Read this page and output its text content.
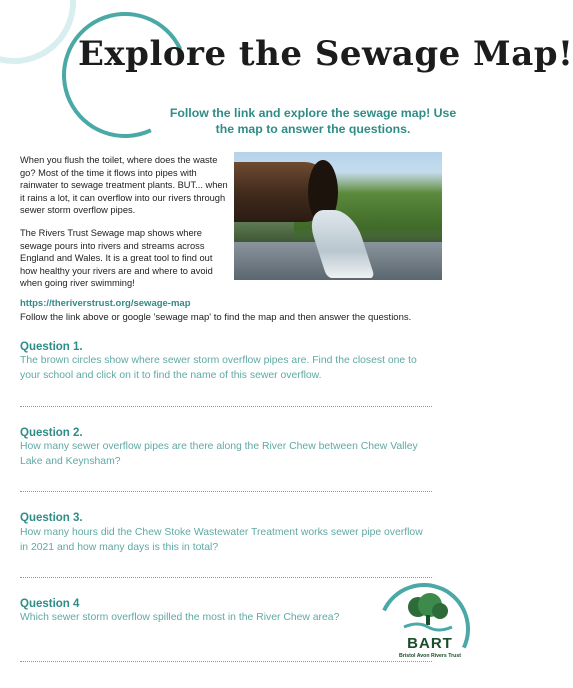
Explore the Sewage Map!
Follow the link and explore the sewage map! Use the map to answer the questions.
When you flush the toilet, where does the waste go? Most of the time it flows into pipes with rainwater to sewage treatment plants. BUT... when it rains a lot, it can overflow into our rivers through sewer storm overflow pipes.
The Rivers Trust Sewage map shows where sewage pours into rivers and streams across England and Wales. It is a great tool to find out how healthy your rivers are and where to avoid when going river swimming!
https://theriverstrust.org/sewage-map
Follow the link above or google 'sewage map' to find the map and then answer the questions.
Question 1.
The brown circles show where sewer storm overflow pipes are. Find the closest one to your school and click on it to find the name of this sewer overflow.
Question 2.
How many sewer overflow pipes are there along the River Chew between Chew Valley Lake and Keynsham?
Question 3.
How many hours did the Chew Stoke Wastewater Treatment works sewer pipe overflow in 2021 and how many days is this in total?
Question 4
Which sewer storm overflow spilled the most in the River Chew area?
BART
Bristol Avon Rivers Trust
